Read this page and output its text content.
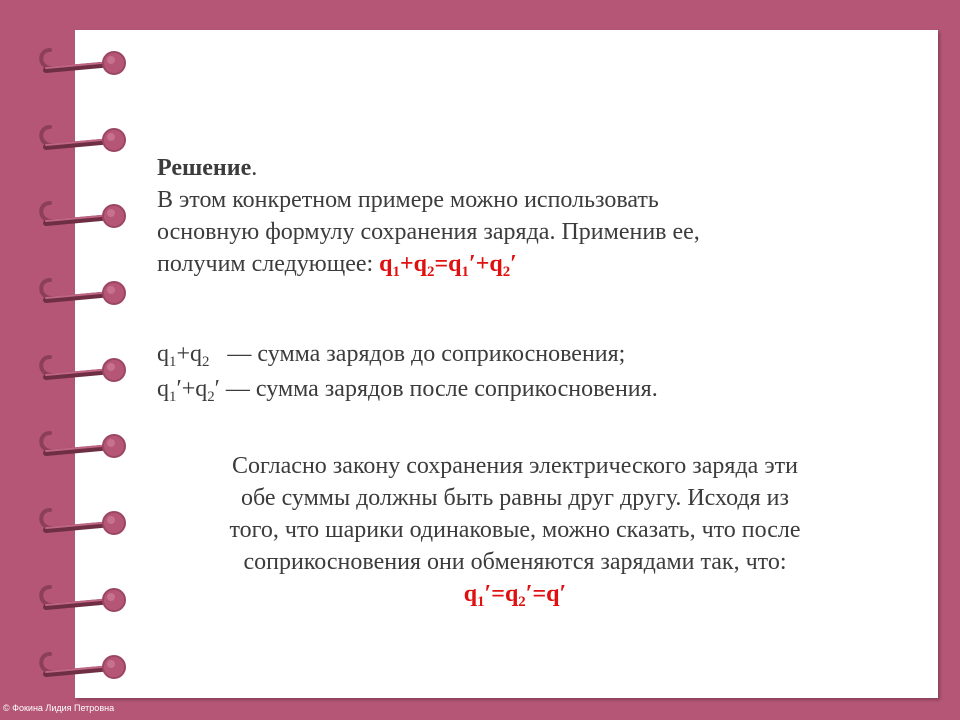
Решение.
В этом конкретном примере можно использовать
основную формулу сохранения заряда. Применив ее,
получим следующее: $q_1+q_2=q_1'+q_2'$
$q_1+q_2$ — сумма зарядов до соприкосновения;
$q_1'+q_2'$ — сумма зарядов после соприкосновения.
Согласно закону сохранения электрического заряда эти
обе суммы должны быть равны друг другу. Исходя из
того, что шарики одинаковые, можно сказать, что после
соприкосновения они обменяются зарядами так, что:
$q_1'=q_2'=q'$
© Фокина Лидия Петровна
